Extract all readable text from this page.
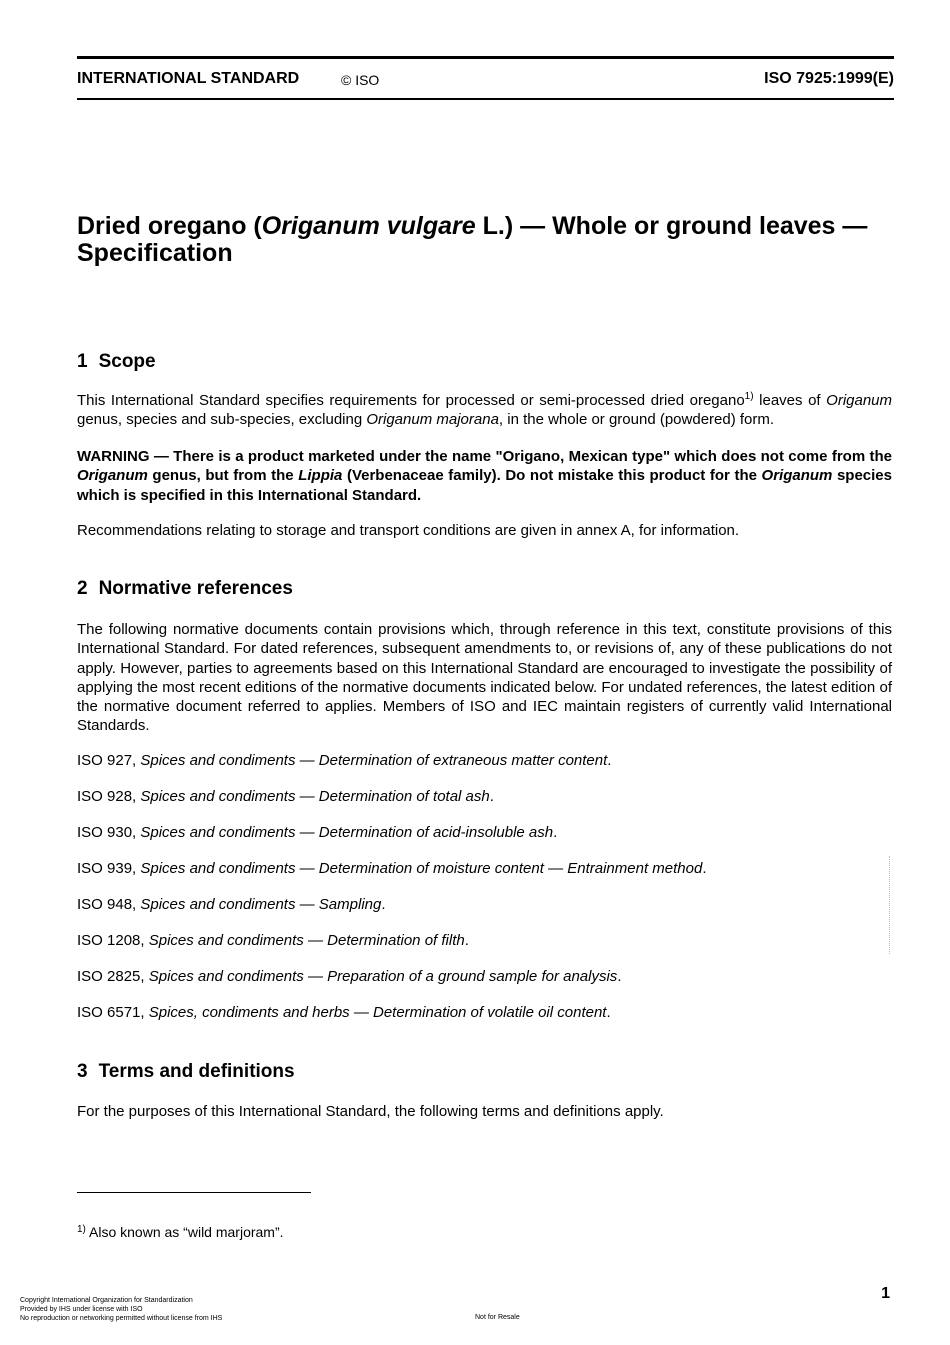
INTERNATIONAL STANDARD	© ISO	ISO 7925:1999(E)
Dried oregano (Origanum vulgare L.) — Whole or ground leaves —
Specification
1 Scope
This International Standard specifies requirements for processed or semi-processed dried oregano$^{1)}$ leaves of Origanum genus, species and sub-species, excluding Origanum majorana, in the whole or ground (powdered) form.
WARNING — There is a product marketed under the name "Origano, Mexican type" which does not come from the Origanum genus, but from the Lippia (Verbenaceae family). Do not mistake this product for the Origanum species which is specified in this International Standard.
Recommendations relating to storage and transport conditions are given in annex A, for information.
2 Normative references
The following normative documents contain provisions which, through reference in this text, constitute provisions of this International Standard. For dated references, subsequent amendments to, or revisions of, any of these publications do not apply. However, parties to agreements based on this International Standard are encouraged to investigate the possibility of applying the most recent editions of the normative documents indicated below. For undated references, the latest edition of the normative document referred to applies. Members of ISO and IEC maintain registers of currently valid International Standards.
ISO 927, Spices and condiments — Determination of extraneous matter content.
ISO 928, Spices and condiments — Determination of total ash.
ISO 930, Spices and condiments — Determination of acid-insoluble ash.
ISO 939, Spices and condiments — Determination of moisture content — Entrainment method.
ISO 948, Spices and condiments — Sampling.
ISO 1208, Spices and condiments — Determination of filth.
ISO 2825, Spices and condiments — Preparation of a ground sample for analysis.
ISO 6571, Spices, condiments and herbs — Determination of volatile oil content.
3 Terms and definitions
For the purposes of this International Standard, the following terms and definitions apply.
$^{1)}$ Also known as “wild marjoram”.
Copyright International Organization for Standardization
Provided by IHS under license with ISO
No reproduction or networking permitted without license from IHS	Not for Resale
1
